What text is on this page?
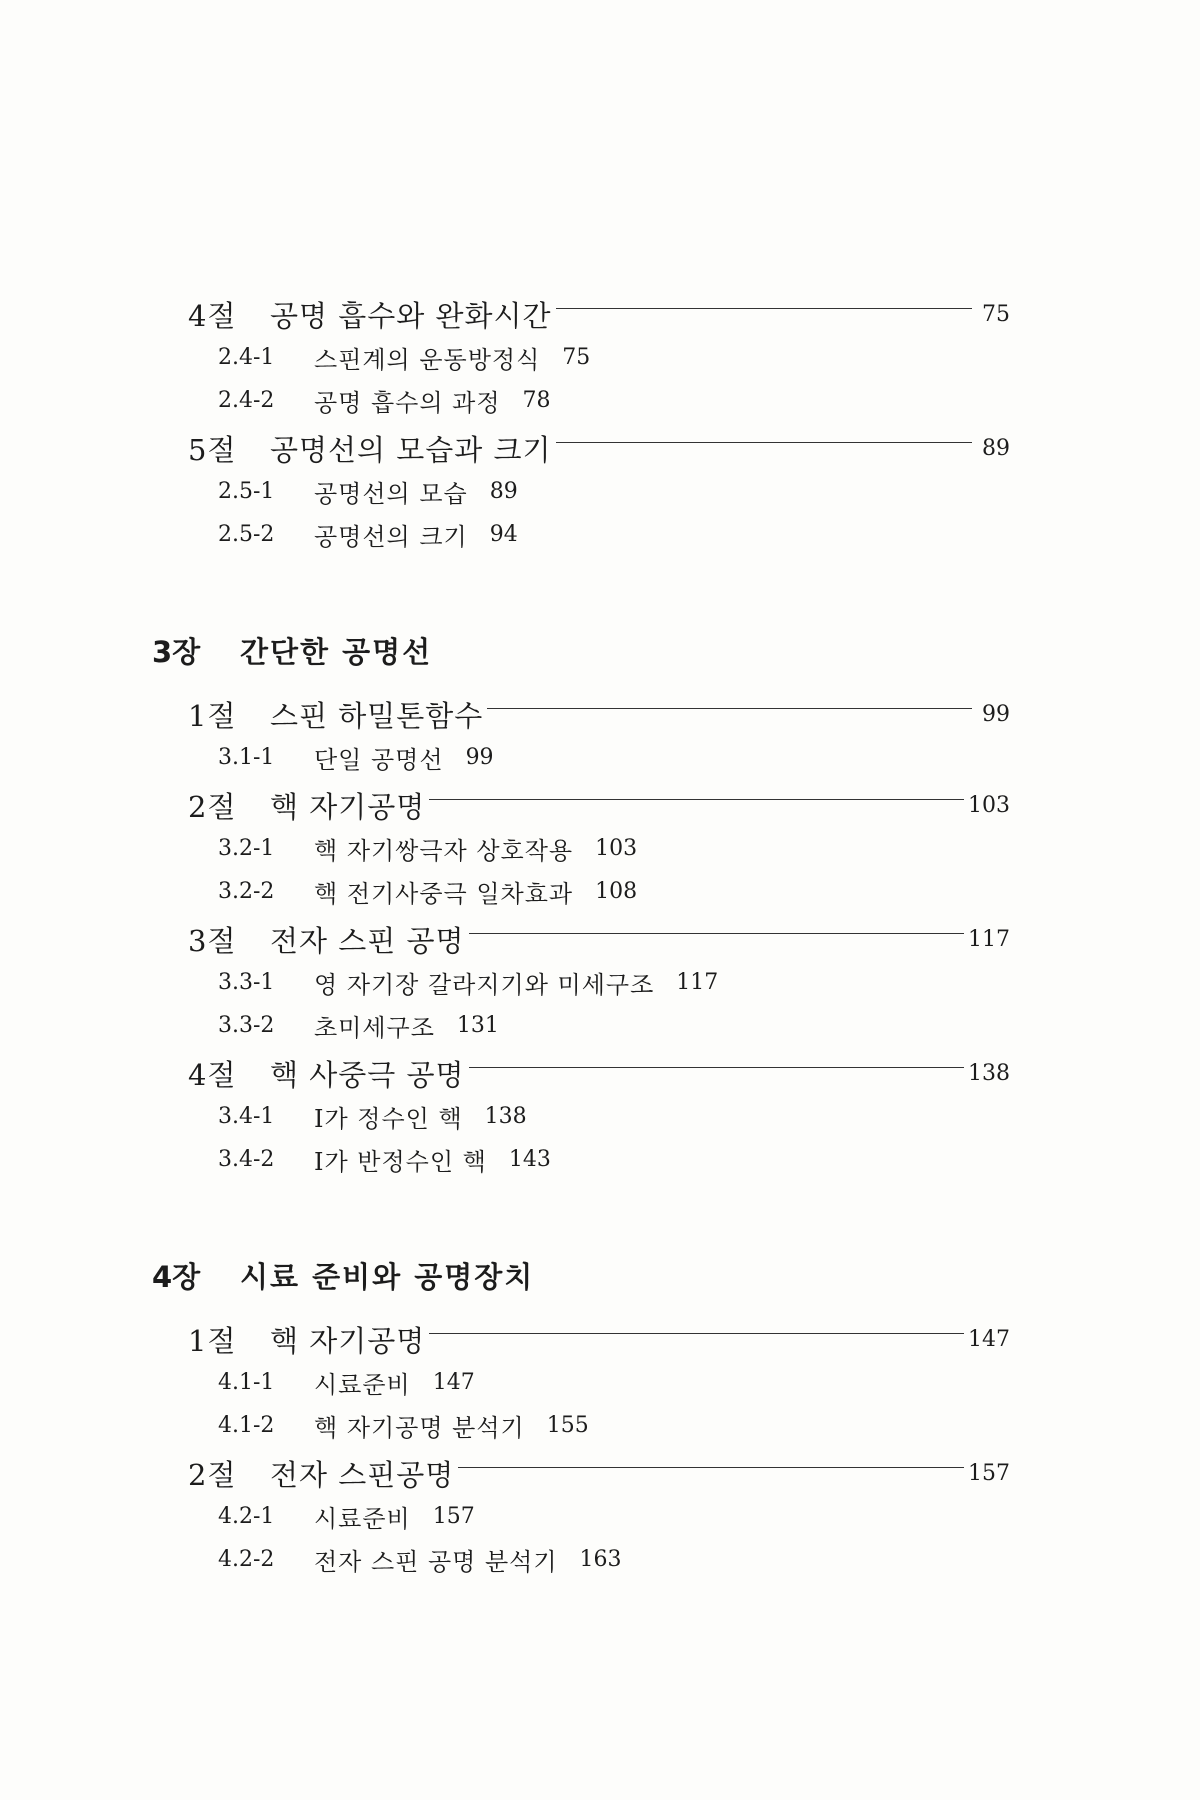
4절	공명 흡수와 완화시간	75
2.4-1	스핀계의 운동방정식 75
2.4-2	공명 흡수의 과정 78
5절	공명선의 모습과 크기	89
2.5-1	공명선의 모습 89
2.5-2	공명선의 크기 94
3장	간단한 공명선
1절	스핀 하밀톤함수	99
3.1-1	단일 공명선 99
2절	핵 자기공명	103
3.2-1	핵 자기쌍극자 상호작용 103
3.2-2	핵 전기사중극 일차효과 108
3절	전자 스핀 공명	117
3.3-1	영 자기장 갈라지기와 미세구조 117
3.3-2	초미세구조 131
4절	핵 사중극 공명	138
3.4-1	I가 정수인 핵 138
3.4-2	I가 반정수인 핵 143
4장	시료 준비와 공명장치
1절	핵 자기공명	147
4.1-1	시료준비 147
4.1-2	핵 자기공명 분석기 155
2절	전자 스핀공명	157
4.2-1	시료준비 157
4.2-2	전자 스핀 공명 분석기 163
